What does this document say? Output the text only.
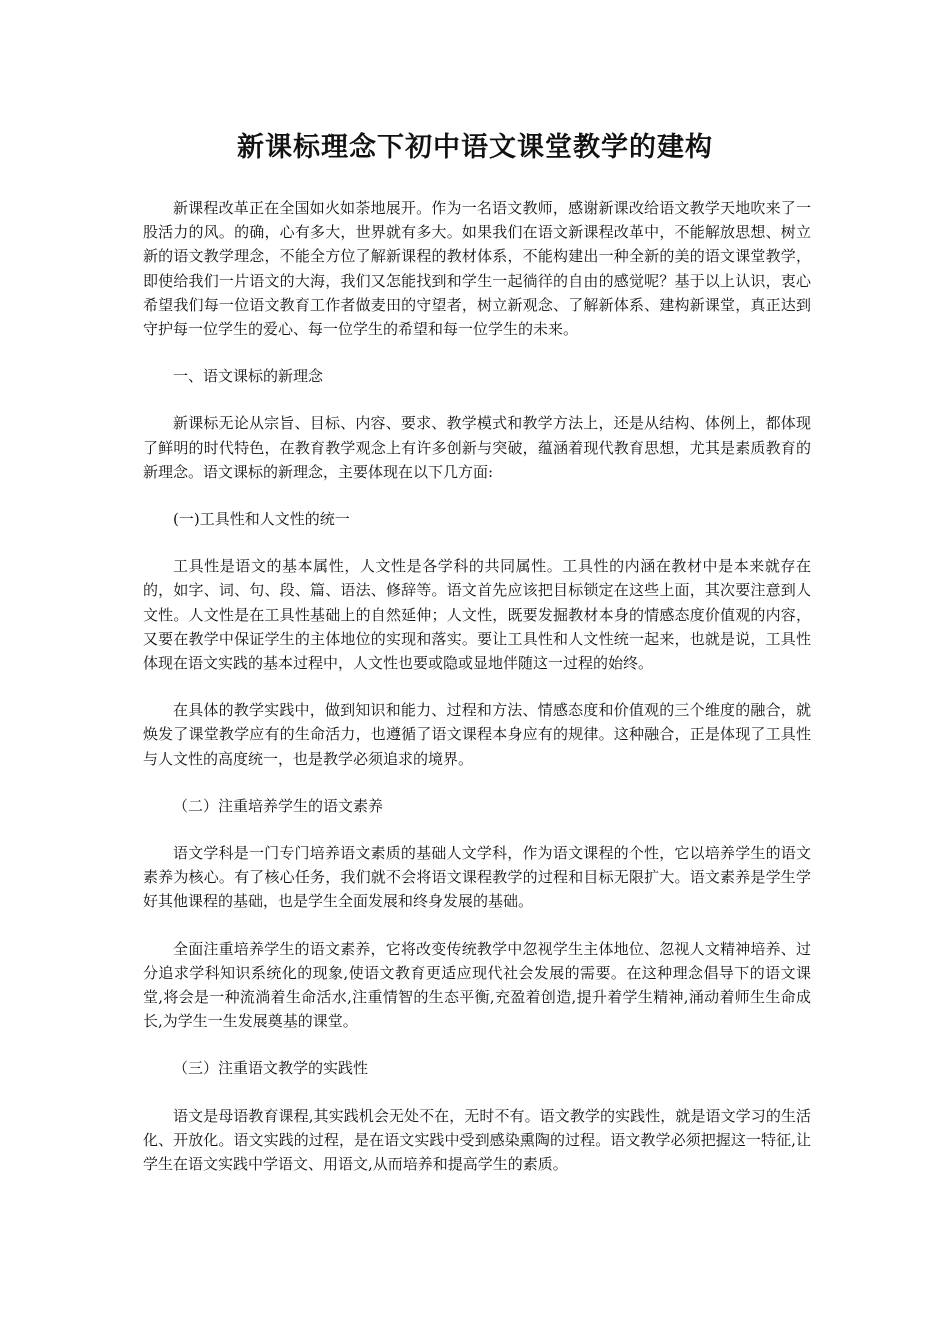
新课标理念下初中语文课堂教学的建构

新课程改革正在全国如火如荼地展开。作为一名语文教师，感谢新课改给语文教学天地吹来了一股活力的风。的确，心有多大，世界就有多大。如果我们在语文新课程改革中，不能解放思想、树立新的语文教学理念，不能全方位了解新课程的教材体系，不能构建出一种全新的美的语文课堂教学，即使给我们一片语文的大海，我们又怎能找到和学生一起徜徉的自由的感觉呢？基于以上认识，衷心希望我们每一位语文教育工作者做麦田的守望者，树立新观念、了解新体系、建构新课堂，真正达到守护每一位学生的爱心、每一位学生的希望和每一位学生的未来。

一、语文课标的新理念

新课标无论从宗旨、目标、内容、要求、教学模式和教学方法上，还是从结构、体例上，都体现了鲜明的时代特色，在教育教学观念上有许多创新与突破，蕴涵着现代教育思想，尤其是素质教育的新理念。语文课标的新理念，主要体现在以下几方面:

(一)工具性和人文性的统一

工具性是语文的基本属性，人文性是各学科的共同属性。工具性的内涵在教材中是本来就存在的，如字、词、句、段、篇、语法、修辞等。语文首先应该把目标锁定在这些上面，其次要注意到人文性。人文性是在工具性基础上的自然延伸；人文性，既要发掘教材本身的情感态度价值观的内容，又要在教学中保证学生的主体地位的实现和落实。要让工具性和人文性统一起来，也就是说，工具性体现在语文实践的基本过程中，人文性也要或隐或显地伴随这一过程的始终。

在具体的教学实践中，做到知识和能力、过程和方法、情感态度和价值观的三个维度的融合，就焕发了课堂教学应有的生命活力，也遵循了语文课程本身应有的规律。这种融合，正是体现了工具性与人文性的高度统一，也是教学必须追求的境界。

（二）注重培养学生的语文素养

语文学科是一门专门培养语文素质的基础人文学科，作为语文课程的个性，它以培养学生的语文素养为核心。有了核心任务，我们就不会将语文课程教学的过程和目标无限扩大。语文素养是学生学好其他课程的基础，也是学生全面发展和终身发展的基础。

全面注重培养学生的语文素养，它将改变传统教学中忽视学生主体地位、忽视人文精神培养、过分追求学科知识系统化的现象,使语文教育更适应现代社会发展的需要。在这种理念倡导下的语文课堂,将会是一种流淌着生命活水,注重情智的生态平衡,充盈着创造,提升着学生精神,涌动着师生生命成长,为学生一生发展奠基的课堂。

（三）注重语文教学的实践性

语文是母语教育课程,其实践机会无处不在，无时不有。语文教学的实践性，就是语文学习的生活化、开放化。语文实践的过程，是在语文实践中受到感染熏陶的过程。语文教学必须把握这一特征,让学生在语文实践中学语文、用语文,从而培养和提高学生的素质。
